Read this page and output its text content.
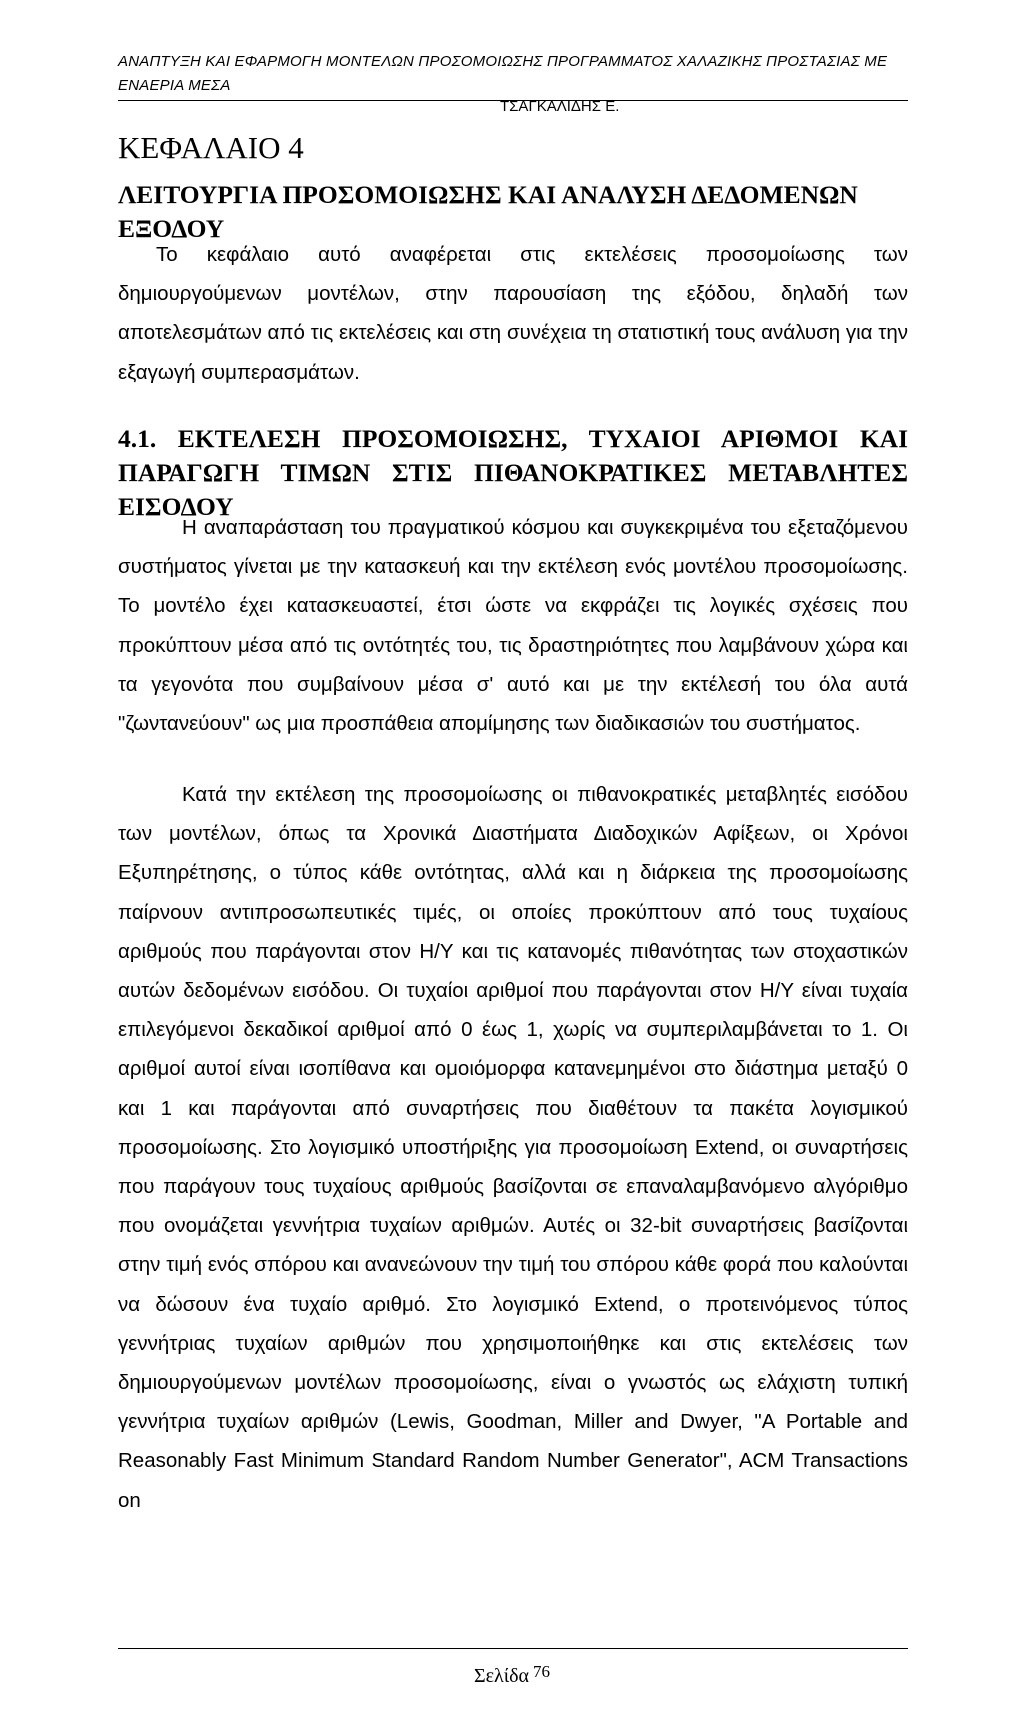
ΑΝΑΠΤΥΞΗ ΚΑΙ ΕΦΑΡΜΟΓΗ ΜΟΝΤΕΛΩΝ ΠΡΟΣΟΜΟΙΩΣΗΣ ΠΡΟΓΡΑΜΜΑΤΟΣ ΧΑΛΑΖΙΚΗΣ ΠΡΟΣΤΑΣΙΑΣ ΜΕ ΕΝΑΕΡΙΑ ΜΕΣΑ
ΤΣΑΓΚΑΛΙΔΗΣ Ε.
ΚΕΦΑΛΑΙΟ 4
ΛΕΙΤΟΥΡΓΙΑ ΠΡΟΣΟΜΟΙΩΣΗΣ ΚΑΙ ΑΝΑΛΥΣΗ ΔΕΔΟΜΕΝΩΝ ΕΞΟΔΟΥ

Το κεφάλαιο αυτό αναφέρεται στις εκτελέσεις προσομοίωσης των δημιουργούμενων μοντέλων, στην παρουσίαση της εξόδου, δηλαδή των αποτελεσμάτων από τις εκτελέσεις και στη συνέχεια τη στατιστική τους ανάλυση για την εξαγωγή συμπερασμάτων.

4.1. ΕΚΤΕΛΕΣΗ ΠΡΟΣΟΜΟΙΩΣΗΣ, ΤΥΧΑΙΟΙ ΑΡΙΘΜΟΙ ΚΑΙ ΠΑΡΑΓΩΓΗ ΤΙΜΩΝ ΣΤΙΣ ΠΙΘΑΝΟΚΡΑΤΙΚΕΣ ΜΕΤΑΒΛΗΤΕΣ ΕΙΣΟΔΟΥ

Η αναπαράσταση του πραγματικού κόσμου και συγκεκριμένα του εξεταζόμενου συστήματος γίνεται με την κατασκευή και την εκτέλεση ενός μοντέλου προσομοίωσης. Το μοντέλο έχει κατασκευαστεί, έτσι ώστε να εκφράζει τις λογικές σχέσεις που προκύπτουν μέσα από τις οντότητές του, τις δραστηριότητες που λαμβάνουν χώρα και τα γεγονότα που συμβαίνουν μέσα σ' αυτό και με την εκτέλεσή του όλα αυτά "ζωντανεύουν" ως μια προσπάθεια απομίμησης των διαδικασιών του συστήματος.

Κατά την εκτέλεση της προσομοίωσης οι πιθανοκρατικές μεταβλητές εισόδου των μοντέλων, όπως τα Χρονικά Διαστήματα Διαδοχικών Αφίξεων, οι Χρόνοι Εξυπηρέτησης, ο τύπος κάθε οντότητας, αλλά και η διάρκεια της προσομοίωσης παίρνουν αντιπροσωπευτικές τιμές, οι οποίες προκύπτουν από τους τυχαίους αριθμούς που παράγονται στον Η/Υ και τις κατανομές πιθανότητας των στοχαστικών αυτών δεδομένων εισόδου. Οι τυχαίοι αριθμοί που παράγονται στον Η/Υ είναι τυχαία επιλεγόμενοι δεκαδικοί αριθμοί από 0 έως 1, χωρίς να συμπεριλαμβάνεται το 1. Οι αριθμοί αυτοί είναι ισοπίθανα και ομοιόμορφα κατανεμημένοι στο διάστημα μεταξύ 0 και 1 και παράγονται από συναρτήσεις που διαθέτουν τα πακέτα λογισμικού προσομοίωσης. Στο λογισμικό υποστήριξης για προσομοίωση Extend, οι συναρτήσεις που παράγουν τους τυχαίους αριθμούς βασίζονται σε επαναλαμβανόμενο αλγόριθμο που ονομάζεται γεννήτρια τυχαίων αριθμών. Αυτές οι 32-bit συναρτήσεις βασίζονται στην τιμή ενός σπόρου και ανανεώνουν την τιμή του σπόρου κάθε φορά που καλούνται να δώσουν ένα τυχαίο αριθμό. Στο λογισμικό Extend, ο προτεινόμενος τύπος γεννήτριας τυχαίων αριθμών που χρησιμοποιήθηκε και στις εκτελέσεις των δημιουργούμενων μοντέλων προσομοίωσης, είναι ο γνωστός ως ελάχιστη τυπική γεννήτρια τυχαίων αριθμών (Lewis, Goodman, Miller and Dwyer, "A Portable and Reasonably Fast Minimum Standard Random Number Generator", ACM Transactions on

Σελίδα $^{76}$
